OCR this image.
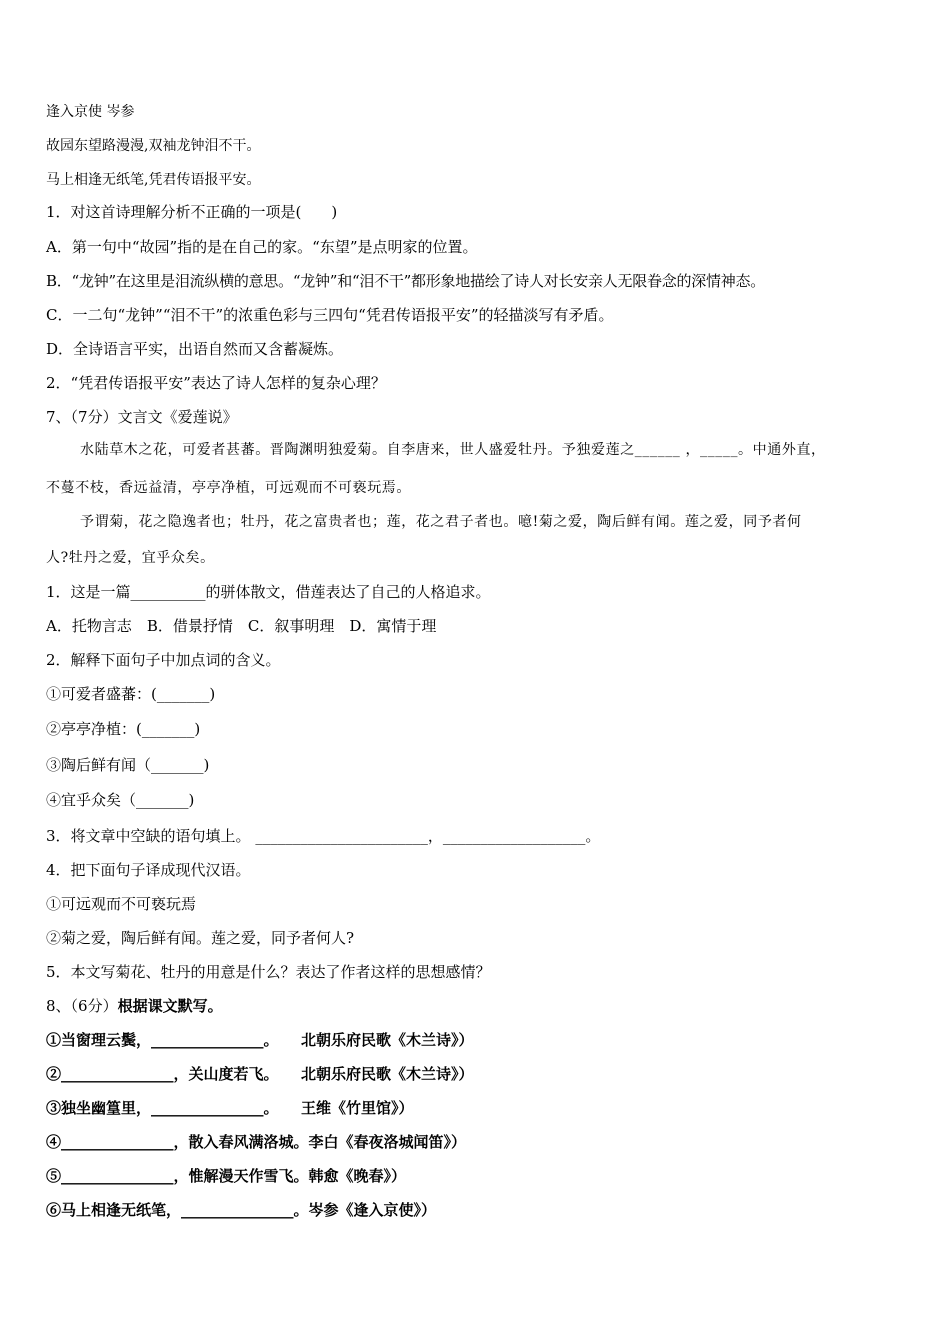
逢入京使 岑参
故园东望路漫漫,双袖龙钟泪不干。
马上相逢无纸笔,凭君传语报平安。
1．对这首诗理解分析不正确的一项是(　　)
A．第一句中“故园”指的是在自己的家。“东望”是点明家的位置。
B．“龙钟”在这里是泪流纵横的意思。“龙钟”和“泪不干”都形象地描绘了诗人对长安亲人无限眷念的深情神态。
C．一二句“龙钟”“泪不干”的浓重色彩与三四句“凭君传语报平安”的轻描淡写有矛盾。
D．全诗语言平实，出语自然而又含蓄凝炼。
2．“凭君传语报平安”表达了诗人怎样的复杂心理？
7、（7分）文言文《爱莲说》
水陆草木之花，可爱者甚蕃。晋陶渊明独爱菊。自李唐来，世人盛爱牡丹。予独爱莲之______ ，_____。中通外直，
不蔓不枝，香远益清，亭亭净植，可远观而不可亵玩焉。
予谓菊，花之隐逸者也；牡丹，花之富贵者也；莲，花之君子者也。噫!菊之爱，陶后鲜有闻。莲之爱，同予者何
人?牡丹之爱，宜乎众矣。
1．这是一篇__________的骈体散文，借莲表达了自己的人格追求。
A．托物言志　B．借景抒情　C．叙事明理　D．寓情于理
2．解释下面句子中加点词的含义。
①可爱者盛蕃：(_______)
②亭亭净植：(_______)
③陶后鲜有闻（_______)
④宜乎众矣（_______)
3．将文章中空缺的语句填上。 _______________________，___________________。
4．把下面句子译成现代汉语。
①可远观而不可亵玩焉
②菊之爱，陶后鲜有闻。莲之爱，同予者何人?
5．本文写菊花、牡丹的用意是什么？表达了作者这样的思想感情？
8、（6分）根据课文默写。
①当窗理云鬓，_______________。　　北朝乐府民歌《木兰诗》）
②_______________，关山度若飞。　　北朝乐府民歌《木兰诗》）
③独坐幽篁里，_______________。　　王维《竹里馆》）
④_______________，散入春风满洛城。李白《春夜洛城闻笛》）
⑤_______________，惟解漫天作雪飞。韩愈《晚春》）
⑥马上相逢无纸笔，_______________。岑参《逢入京使》）
